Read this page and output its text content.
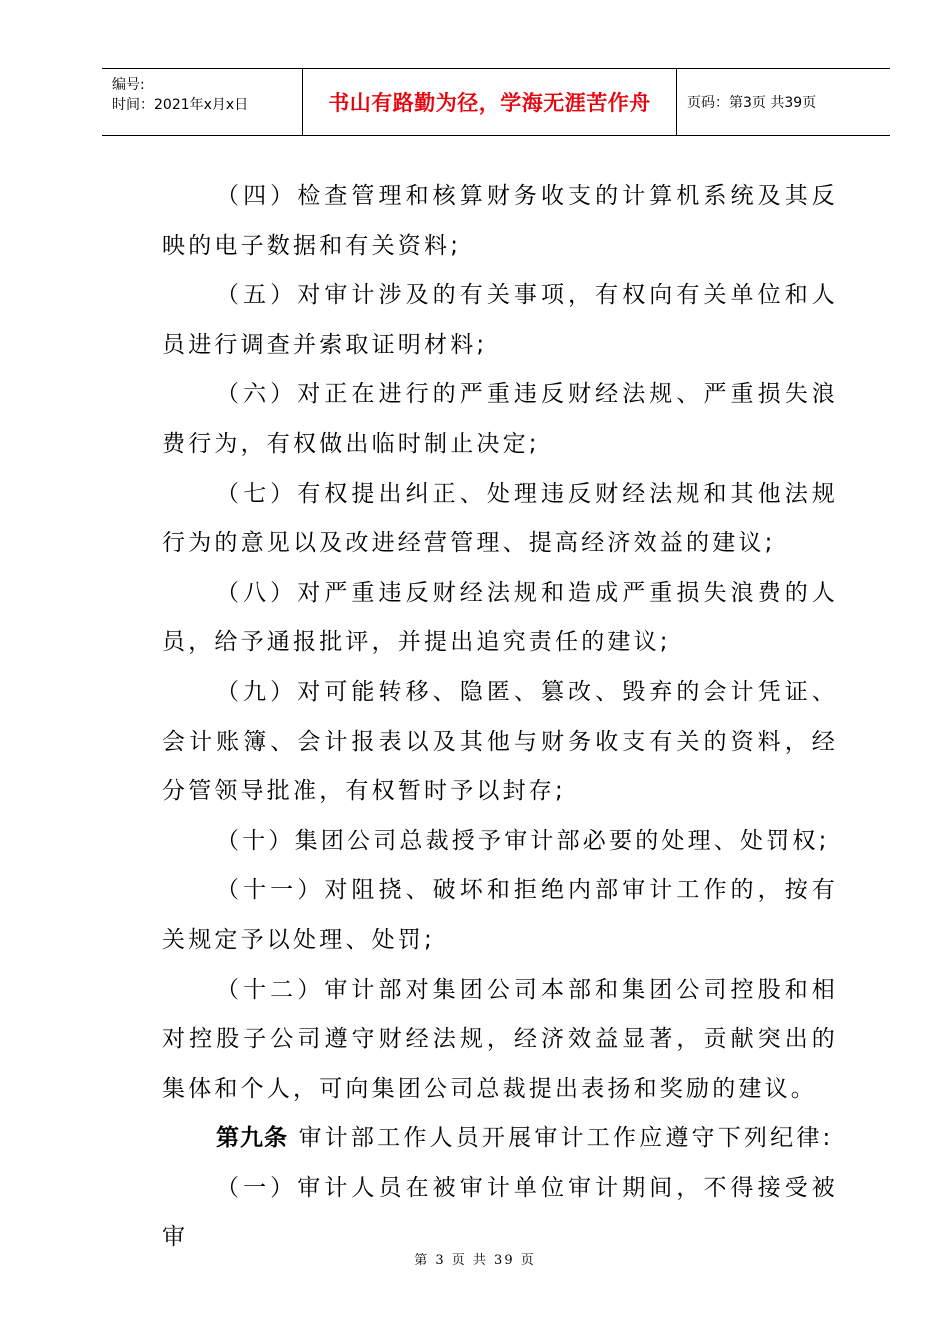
编号:
时间：2021年x月x日	书山有路勤为径，学海无涯苦作舟	页码：第3页 共39页

（四）检查管理和核算财务收支的计算机系统及其反映的电子数据和有关资料;

（五）对审计涉及的有关事项，有权向有关单位和人员进行调查并索取证明材料;

（六）对正在进行的严重违反财经法规、严重损失浪费行为，有权做出临时制止决定;

（七）有权提出纠正、处理违反财经法规和其他法规行为的意见以及改进经营管理、提高经济效益的建议;

（八）对严重违反财经法规和造成严重损失浪费的人员，给予通报批评，并提出追究责任的建议;

（九）对可能转移、隐匿、篡改、毁弃的会计凭证、会计账簿、会计报表以及其他与财务收支有关的资料，经分管领导批准，有权暂时予以封存;

（十）集团公司总裁授予审计部必要的处理、处罚权;

（十一）对阻挠、破坏和拒绝内部审计工作的，按有关规定予以处理、处罚;

（十二）审计部对集团公司本部和集团公司控股和相对控股子公司遵守财经法规，经济效益显著，贡献突出的集体和个人，可向集团公司总裁提出表扬和奖励的建议。

第九条 审计部工作人员开展审计工作应遵守下列纪律:

（一）审计人员在被审计单位审计期间，不得接受被审

第 3 页 共 39 页
